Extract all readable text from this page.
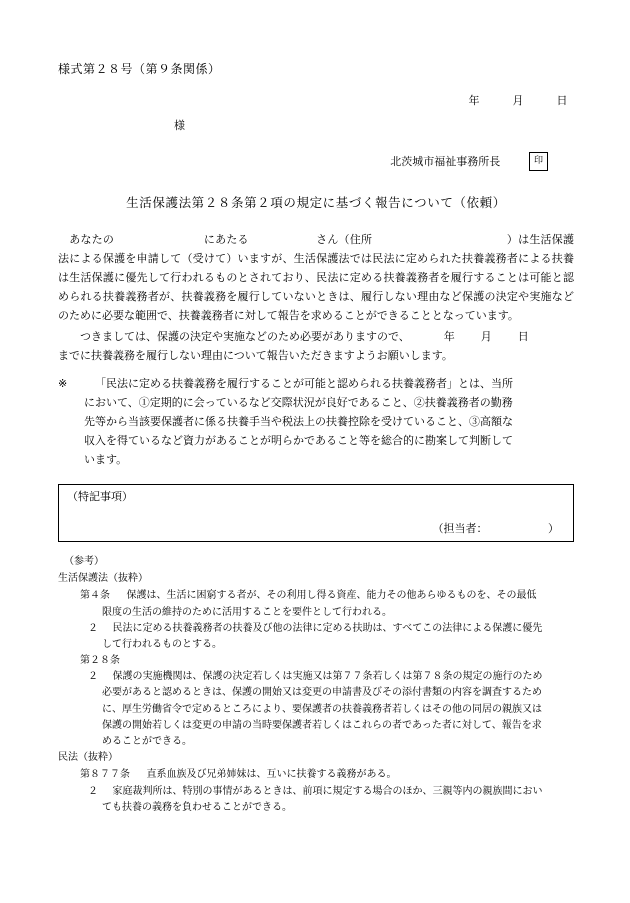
様式第２８号（第９条関係）
年	月	日
様
北茨城市福祉事務所長	印
生活保護法第２８条第２項の規定に基づく報告について（依頼）

　あなたの　　　　　　　　にあたる　　　　　　さん（住所　　　　　　　　　　　　）は生活保護法による保護を申請して（受けて）いますが、生活保護法では民法に定められた扶養義務者による扶養は生活保護に優先して行われるものとされており、民法に定める扶養義務者を履行することは可能と認められる扶養義務者が、扶養義務を履行していないときは、履行しない理由など保護の決定や実施などのために必要な範囲で、扶養義務者に対して報告を求めることができることとなっています。

　つきましては、保護の決定や実施などのため必要がありますので、	年 月 日
までに扶養義務を履行しない理由について報告いただきますようお願いします。

※	「民法に定める扶養義務を履行することが可能と認められる扶養義務者」とは、当所
において、①定期的に会っているなど交際状況が良好であること、②扶養義務者の勤務
先等から当該要保護者に係る扶養手当や税法上の扶養控除を受けていること、③高額な
収入を得ているなど資力があることが明らかであること等を総合的に勘案して判断して
います。
（特記事項）
（担当者：　　　　　　）

（参考）

生活保護法（抜粋）

第４条 保護は、生活に困窮する者が、その利用し得る資産、能力その他あらゆるものを、その最低
限度の生活の維持のために活用することを要件として行われる。

２ 民法に定める扶養義務者の扶養及び他の法律に定める扶助は、すべてこの法律による保護に優先
して行われるものとする。

第２８条

２ 保護の実施機関は、保護の決定若しくは実施又は第７７条若しくは第７８条の規定の施行のため
必要があると認めるときは、保護の開始又は変更の申請書及びその添付書類の内容を調査するため
に、厚生労働省令で定めるところにより、要保護者の扶養義務者若しくはその他の同居の親族又は
保護の開始若しくは変更の申請の当時要保護者若しくはこれらの者であった者に対して、報告を求
めることができる。

民法（抜粋）

第８７７条 直系血族及び兄弟姉妹は、互いに扶養する義務がある。

２ 家庭裁判所は、特別の事情があるときは、前項に規定する場合のほか、三親等内の親族間におい
ても扶養の義務を負わせることができる。
